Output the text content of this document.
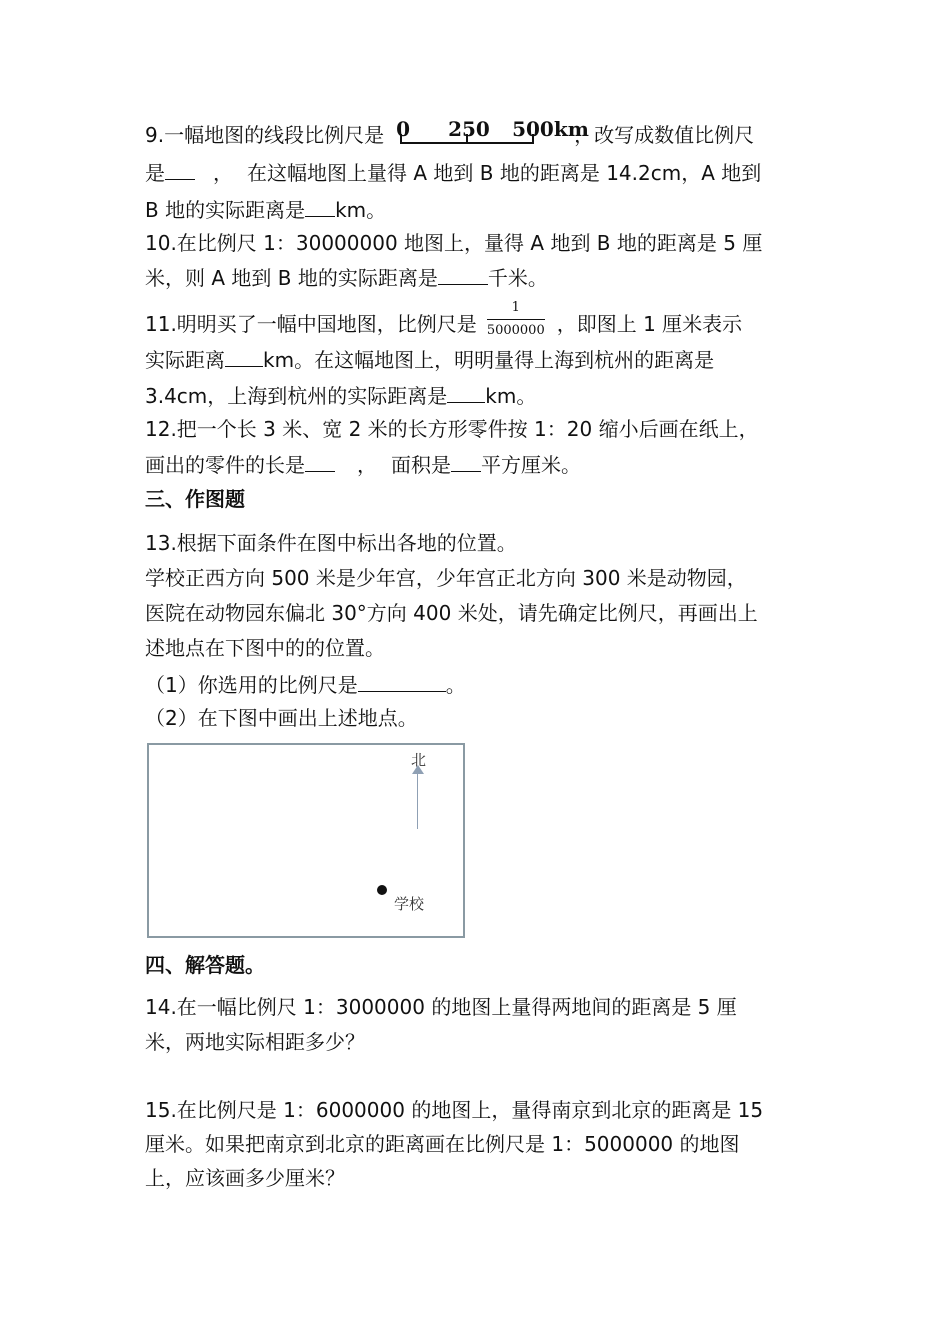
9.一幅地图的线段比例尺是 0 250 500km
，改写成数值比例尺
是 ， 在这幅地图上量得 A 地到 B 地的距离是 14.2cm，A 地到
B 地的实际距离是 km。
10.在比例尺 1：30000000 地图上，量得 A 地到 B 地的距离是 5 厘
米，则 A 地到 B 地的实际距离是	千米。
11.明明买了一幅中国地图，比例尺是 $\frac{1}{5000000}$ ，即图上 1 厘米表示
实际距离 km。在这幅地图上，明明量得上海到杭州的距离是
3.4cm，上海到杭州的实际距离是 km。
12.把一个长 3 米、宽 2 米的长方形零件按 1：20 缩小后画在纸上，
画出的零件的长是	， 面积是 平方厘米。
三、作图题
13.根据下面条件在图中标出各地的位置。
学校正西方向 500 米是少年宫，少年宫正北方向 300 米是动物园，
医院在动物园东偏北 30°方向 400 米处，请先确定比例尺，再画出上
述地点在下图中的的位置。
（1）你选用的比例尺是	。
（2）在下图中画出上述地点。
北
学校
四、解答题。
14.在一幅比例尺 1：3000000 的地图上量得两地间的距离是 5 厘
米，两地实际相距多少？
15.在比例尺是 1：6000000 的地图上，量得南京到北京的距离是 15
厘米。如果把南京到北京的距离画在比例尺是 1：5000000 的地图
上，应该画多少厘米？
